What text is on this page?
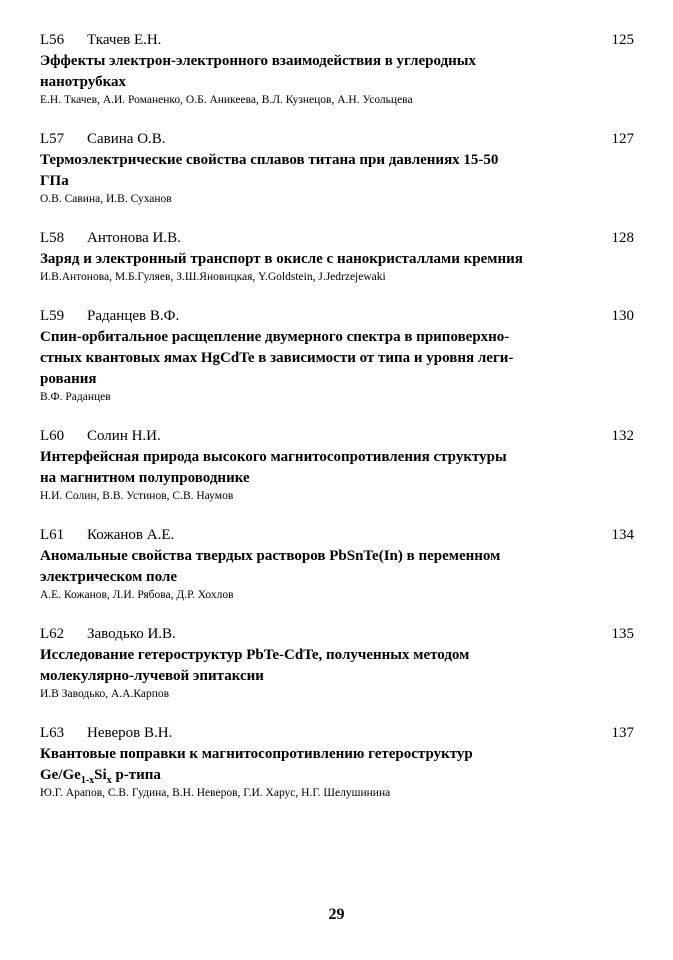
L56	Ткачев Е.Н.	125
Эффекты электрон-электронного взаимодействия в углеродных
нанотрубках
Е.Н. Ткачев, А.И. Романенко, О.Б. Аникеева, В.Л. Кузнецов, А.Н. Усольцева
L57	Савина О.В.	127
Термоэлектрические свойства сплавов титана при давлениях 15-50
ГПа
О.В. Савина, И.В. Суханов
L58	Антонова И.В.	128
Заряд и электронный транспорт в окисле с нанокристаллами кремния
И.В.Антонова, М.Б.Гуляев, З.Ш.Яновицкая, Y.Goldstein, J.Jedrzejewaki
L59	Раданцев В.Ф.	130
Спин-орбитальное расщепление двумерного спектра в приповерхно-
стных квантовых ямах HgCdTe в зависимости от типа и уровня леги-
рования
В.Ф. Раданцев
L60	Солин Н.И.	132
Интерфейсная природа высокого магнитосопротивления структуры
на магнитном полупроводнике
Н.И. Солин, В.В. Устинов, С.В. Наумов
L61	Кожанов А.Е.	134
Аномальные свойства твердых растворов PbSnTe(In) в переменном
электрическом поле
А.Е. Кожанов, Л.И. Рябова, Д.Р. Хохлов
L62	Заводько И.В.	135
Исследование гетероструктур PbTe-CdTe, полученных методом
молекулярно-лучевой эпитаксии
И.В Заводько, А.А.Карпов
L63	Неверов В.Н.	137
Квантовые поправки к магнитосопротивлению гетероструктур
$Ge/Ge_{1-x}Si_x$ p-типа
Ю.Г. Арапов, С.В. Гудина, В.Н. Неверов, Г.И. Харус, Н.Г. Шелушинина
29
